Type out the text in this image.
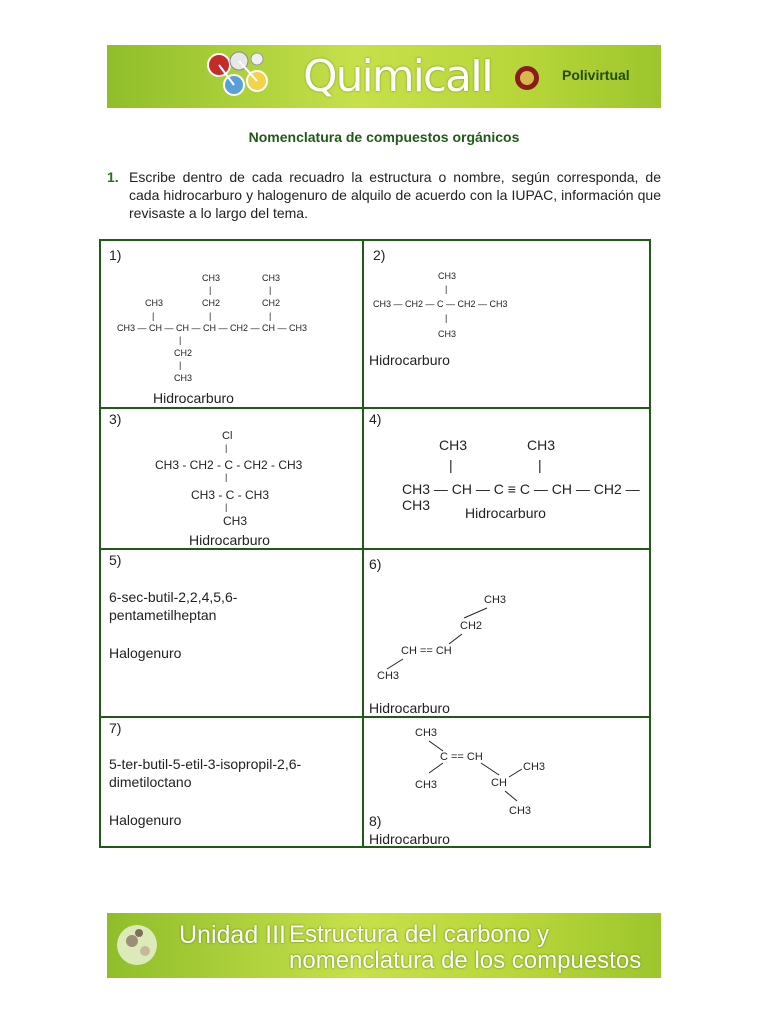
QuimicaII	Polivirtual
Nomenclatura de compuestos orgánicos
1. Escribe dentro de cada recuadro la estructura o nombre, según corresponda, de cada hidrocarburo y halogenuro de alquilo de acuerdo con la IUPAC, información que revisaste a lo largo del tema.
1)
CH3	CH3
|	|
CH3	CH2	CH2
|	|	|
CH3 — CH — CH — CH — CH2 — CH — CH3
|
CH2
|
CH3
Hidrocarburo
2)
CH3
|
CH3 — CH2 — C — CH2 — CH3
|
CH3
Hidrocarburo
3)
Cl
|
CH3 - CH2 - C - CH2 - CH3
|
CH3 - C - CH3
|
CH3
Hidrocarburo
4)
CH3	CH3
|	|
CH3 — CH — C ≡ C — CH — CH2 — CH3	Hidrocarburo
5)
6-sec-butil-2,2,4,5,6-
pentametilheptan
Halogenuro
6)
CH3
CH2
CH == CH
CH3
Hidrocarburo
7)
5-ter-butil-5-etil-3-isopropil-2,6-
dimetiloctano
Halogenuro
CH3
C == CH
CH3
CH3
CH
CH3
8)
Hidrocarburo
Unidad III Estructura del carbono y
nomenclatura de los compuestos
